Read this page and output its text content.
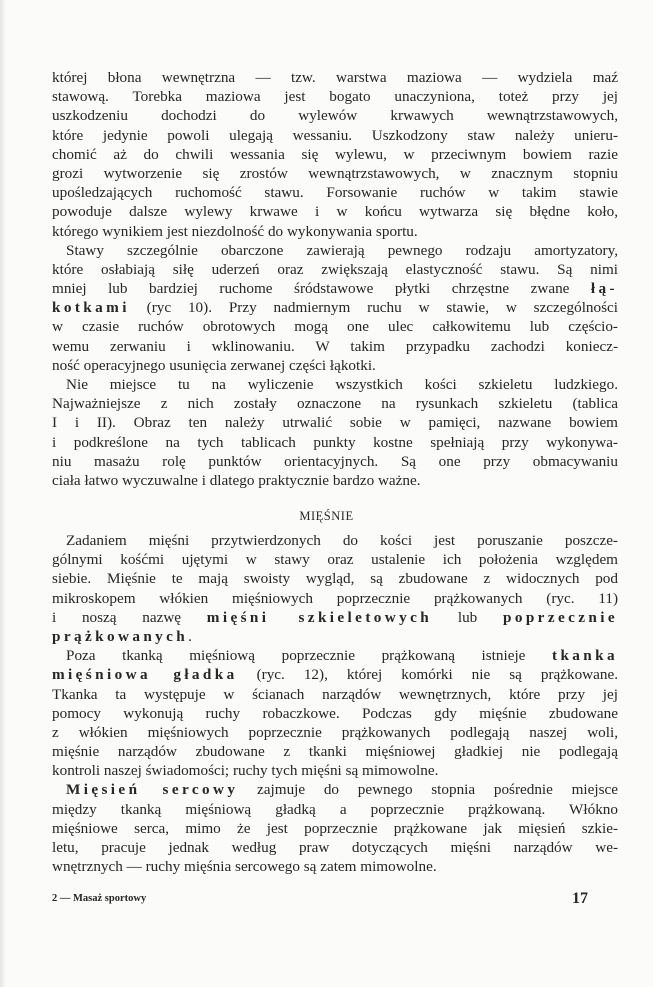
której błona wewnętrzna — tzw. warstwa maziowa — wydziela maź
stawową. Torebka maziowa jest bogato unaczyniona, toteż przy jej
uszkodzeniu dochodzi do wylewów krwawych wewnątrzstawowych,
które jedynie powoli ulegają wessaniu. Uszkodzony staw należy unieru-
chomić aż do chwili wessania się wylewu, w przeciwnym bowiem razie
grozi wytworzenie się zrostów wewnątrzstawowych, w znacznym stopniu
upośledzających ruchomość stawu. Forsowanie ruchów w takim stawie
powoduje dalsze wylewy krwawe i w końcu wytwarza się błędne koło,
którego wynikiem jest niezdolność do wykonywania sportu.
Stawy szczególnie obarczone zawierają pewnego rodzaju amortyzatory,
które osłabiają siłę uderzeń oraz zwiększają elastyczność stawu. Są nimi
mniej lub bardziej ruchome śródstawowe płytki chrzęstne zwane łą-
kotkami (ryc 10). Przy nadmiernym ruchu w stawie, w szczególności
w czasie ruchów obrotowych mogą one ulec całkowitemu lub częścio-
wemu zerwaniu i wklinowaniu. W takim przypadku zachodzi koniecz-
ność operacyjnego usunięcia zerwanej części łąkotki.
Nie miejsce tu na wyliczenie wszystkich kości szkieletu ludzkiego.
Najważniejsze z nich zostały oznaczone na rysunkach szkieletu (tablica
I i II). Obraz ten należy utrwalić sobie w pamięci, nazwane bowiem
i podkreślone na tych tablicach punkty kostne spełniają przy wykonywa-
niu masażu rolę punktów orientacyjnych. Są one przy obmacywaniu
ciała łatwo wyczuwalne i dlatego praktycznie bardzo ważne.
MIĘŚNIE
Zadaniem mięśni przytwierdzonych do kości jest poruszanie poszcze-
gólnymi kośćmi ujętymi w stawy oraz ustalenie ich położenia względem
siebie. Mięśnie te mają swoisty wygląd, są zbudowane z widocznych pod
mikroskopem włókien mięśniowych poprzecznie prążkowanych (ryc. 11)
i noszą nazwę mięśni szkieletowych lub poprzecznie
prążkowanych.
Poza tkanką mięśniową poprzecznie prążkowaną istnieje tkanka
mięśniowa gładka (ryc. 12), której komórki nie są prążkowane.
Tkanka ta występuje w ścianach narządów wewnętrznych, które przy jej
pomocy wykonują ruchy robaczkowe. Podczas gdy mięśnie zbudowane
z włókien mięśniowych poprzecznie prążkowanych podlegają naszej woli,
mięśnie narządów zbudowane z tkanki mięśniowej gładkiej nie podlegają
kontroli naszej świadomości; ruchy tych mięśni są mimowolne.
Mięsień sercowy zajmuje do pewnego stopnia pośrednie miejsce
między tkanką mięśniową gładką a poprzecznie prążkowaną. Włókno
mięśniowe serca, mimo że jest poprzecznie prążkowane jak mięsień szkie-
letu, pracuje jednak według praw dotyczących mięśni narządów we-
wnętrznych — ruchy mięśnia sercowego są zatem mimowolne.
2 — Masaż sportowy	17
